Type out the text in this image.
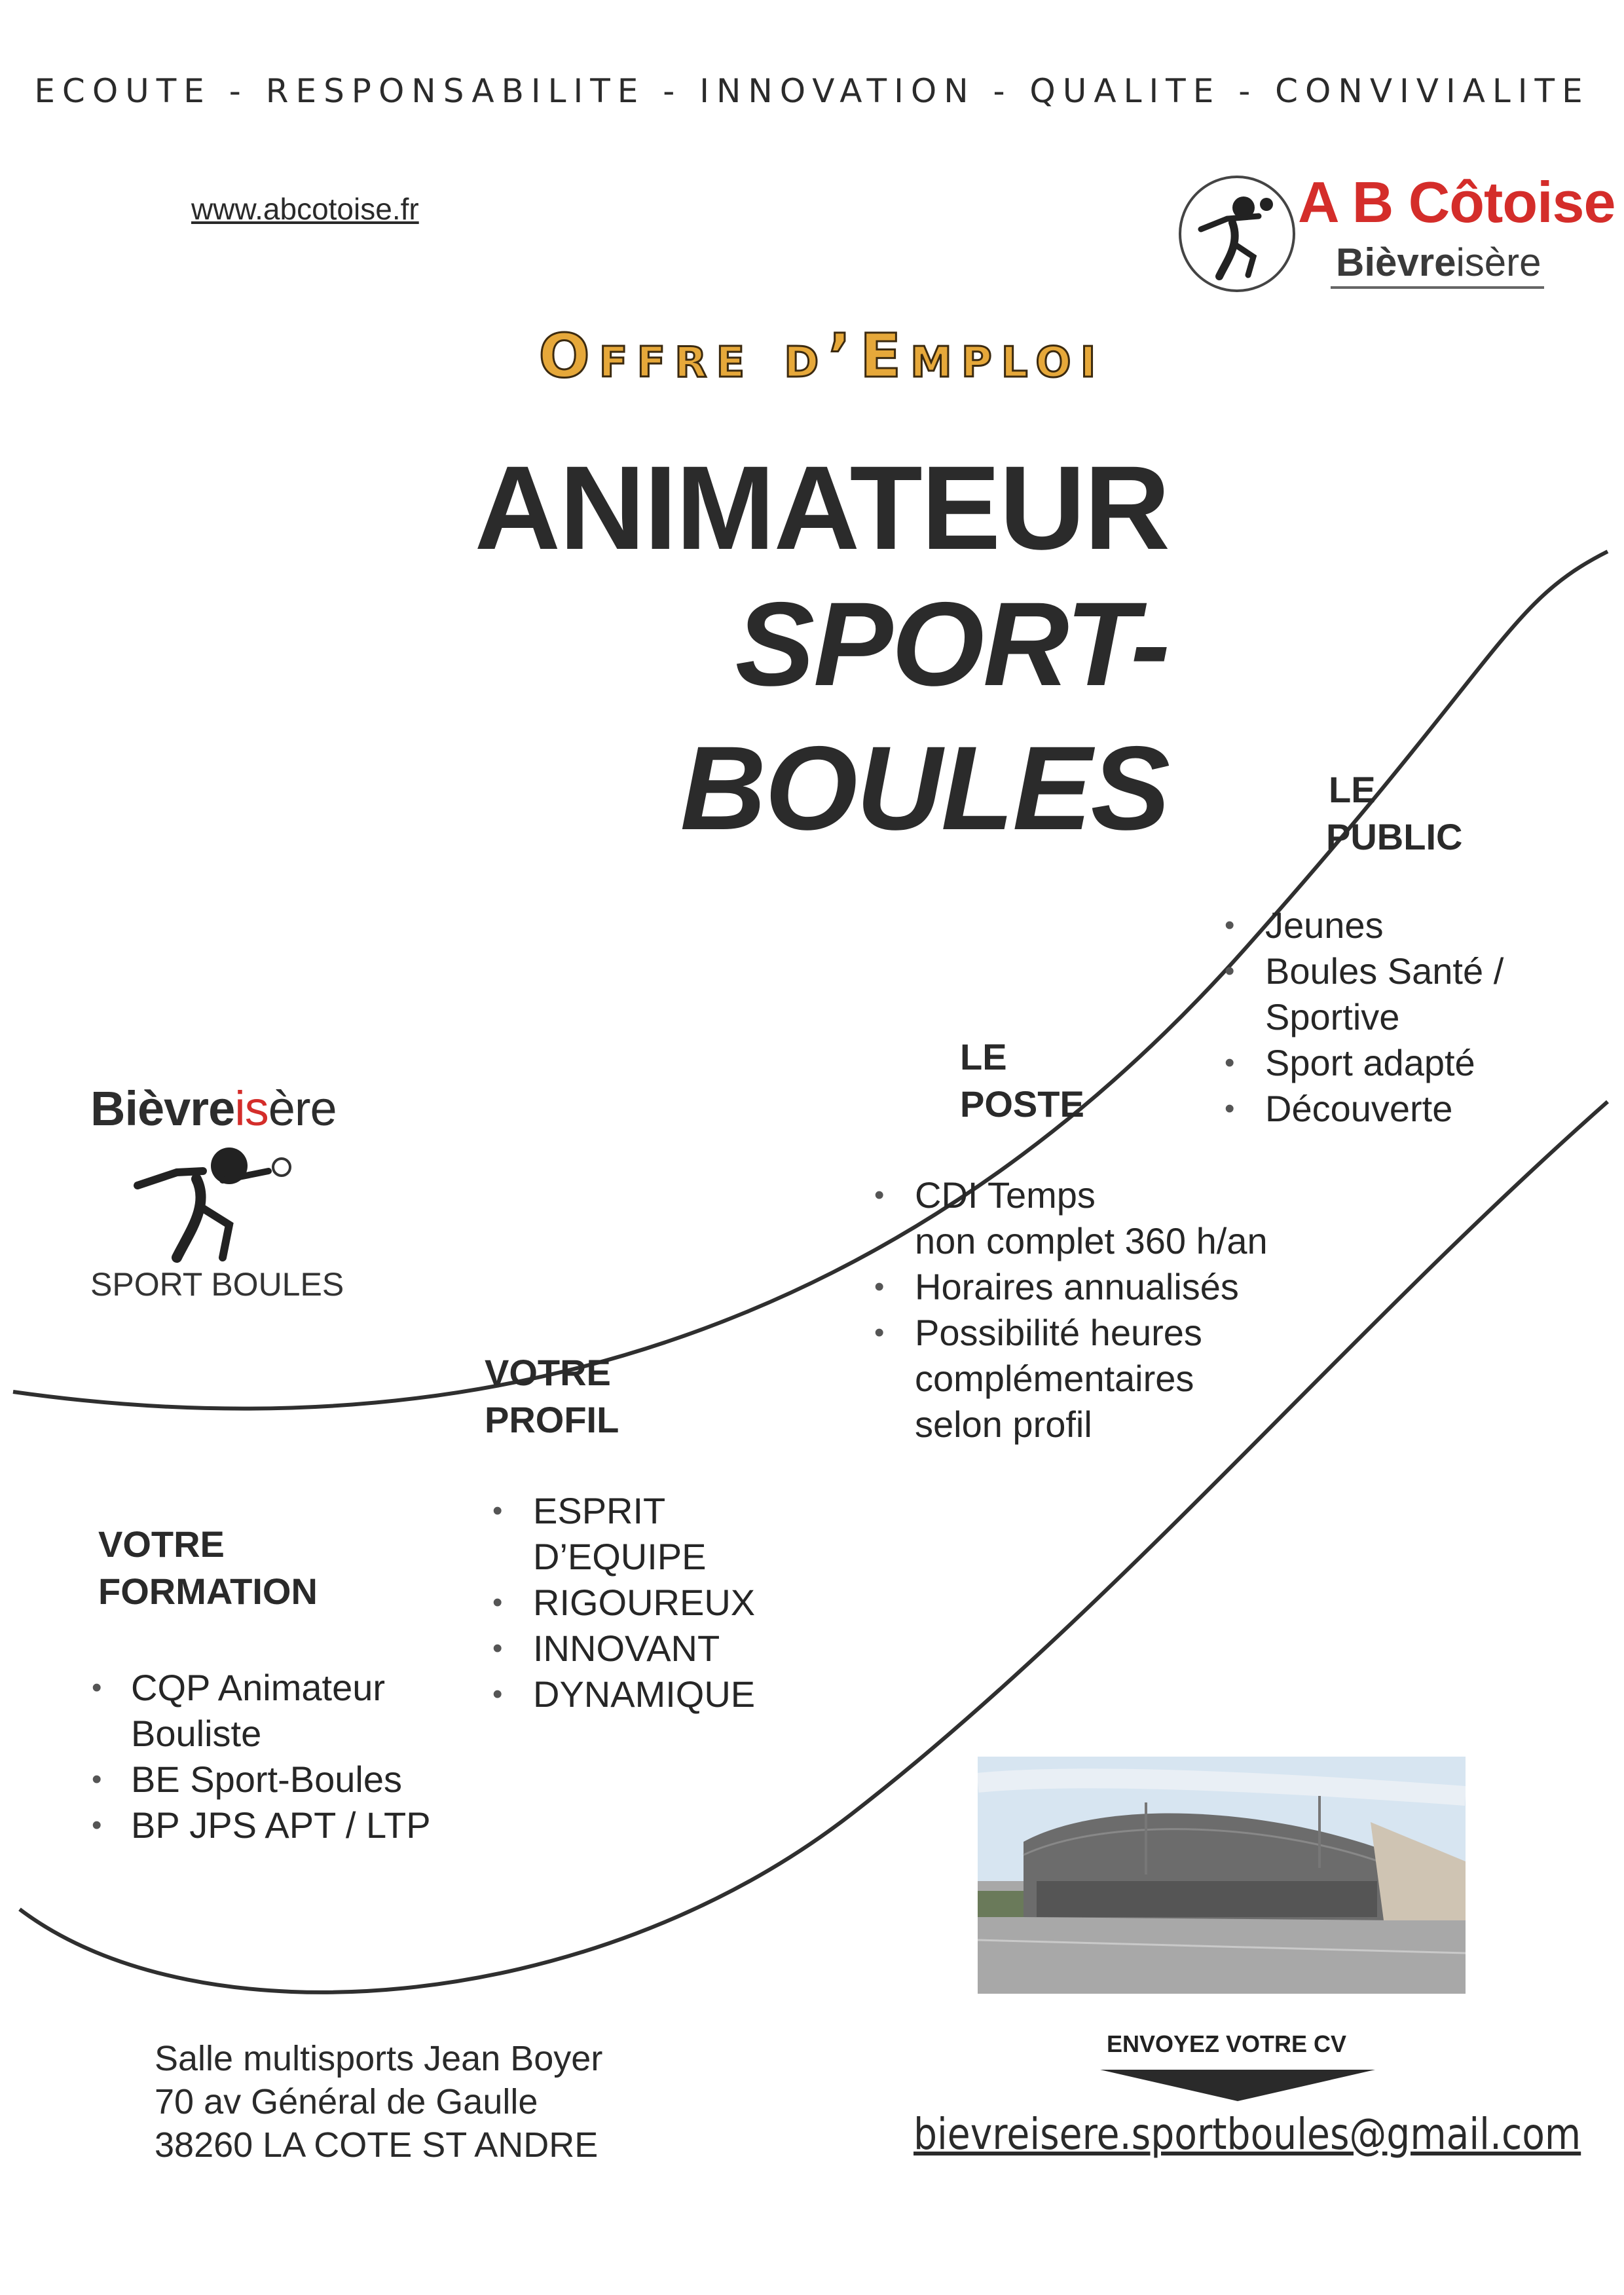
ECOUTE - RESPONSABILITE - INNOVATION - QUALITE - CONVIVIALITE
www.abcotoise.fr	A B Côtoise
Bièvreisère
Offre d’Emploi
ANIMATEUR
SPORT-
BOULES	LE
PUBLIC
• Jeunes
• Boules Santé /
Sportive
• Sport adapté
• Découverte
LE
POSTE
• CDI Temps
non complet 360 h/an
• Horaires annualisés
• Possibilité heures
complémentaires
selon profil
VOTRE
PROFIL
• ESPRIT
D’EQUIPE
• RIGOUREUX
• INNOVANT
• DYNAMIQUE
VOTRE
FORMATION
• CQP Animateur
Bouliste
• BE Sport-Boules
• BP JPS APT / LTP
Bièvreisère
SPORT BOULES
Salle multisports Jean Boyer
70 av Général de Gaulle
38260 LA COTE ST ANDRE
ENVOYEZ VOTRE CV
bievreisere.sportboules@gmail.com
